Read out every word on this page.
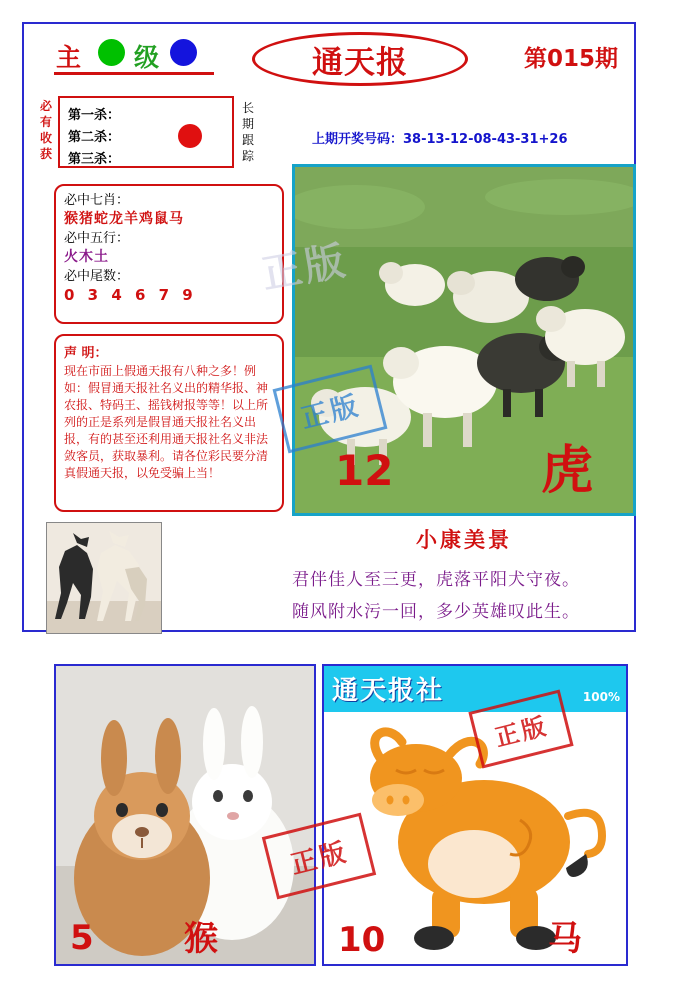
主 级	通天报	第015期
必有收获
第一杀：
第二杀：
第三杀：
长期跟踪
必中七肖：
猴猪蛇龙羊鸡鼠马
必中五行：
火木土
必中尾数：
0 3 4 6 7 9
声 明：
现在市面上假通天报有八种之多！例如：假冒通天报社名义出的精华报、神农报、特码王、摇钱树报等等！以上所列的正是系列是假冒通天报社名义出报，有的甚至还利用通天报社名义非法敛客员，获取暴利。请各位彩民要分清真假通天报，以免受骗上当！
上期开奖号码：38-13-12-08-43-31+26
12	虎
小康美景
君伴佳人至三更，虎落平阳犬守夜。
随风附水污一回，多少英雄叹此生。
正版
正版
5	猴
通天报社	100%
10	马
正版
正版
